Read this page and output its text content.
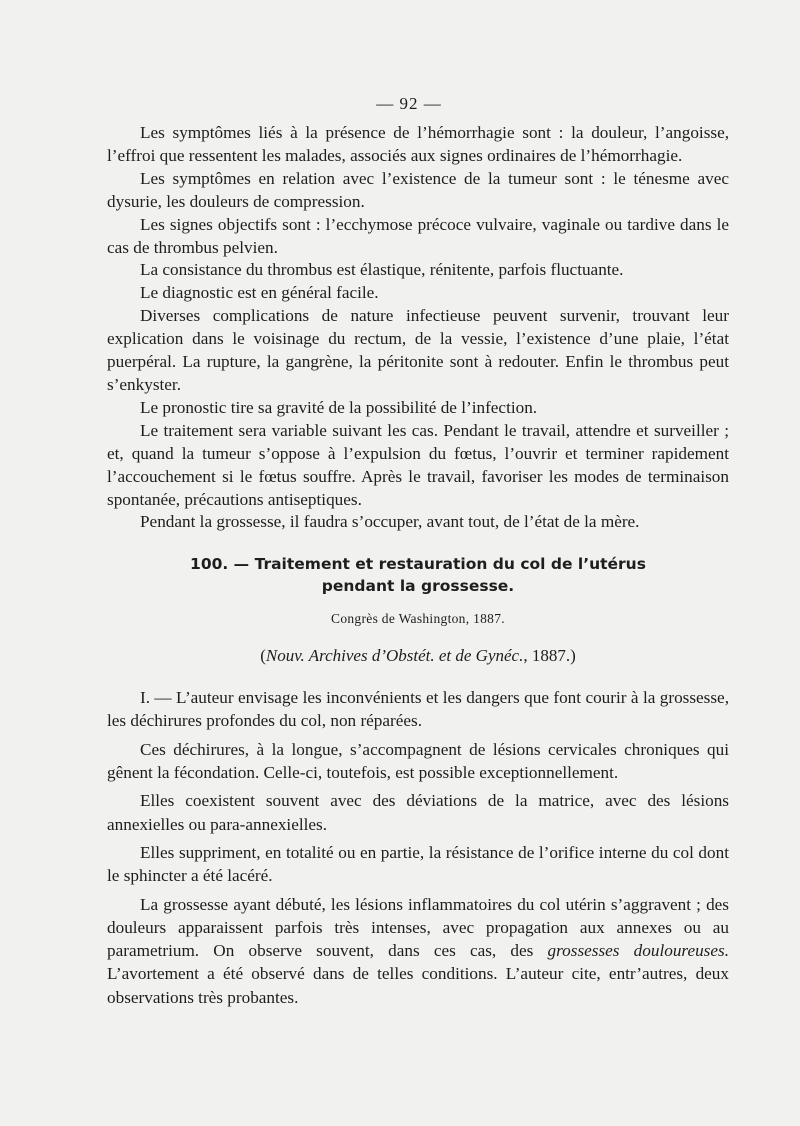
— 92 —

Les symptômes liés à la présence de l’hémorrhagie sont : la douleur, l’angoisse, l’effroi que ressentent les malades, associés aux signes ordinaires de l’hémorrhagie.

Les symptômes en relation avec l’existence de la tumeur sont : le ténesme avec dysurie, les douleurs de compression.

Les signes objectifs sont : l’ecchymose précoce vulvaire, vaginale ou tardive dans le cas de thrombus pelvien.

La consistance du thrombus est élastique, rénitente, parfois fluctuante.

Le diagnostic est en général facile.

Diverses complications de nature infectieuse peuvent survenir, trouvant leur explication dans le voisinage du rectum, de la vessie, l’existence d’une plaie, l’état puerpéral. La rupture, la gangrène, la péritonite sont à redouter. Enfin le thrombus peut s’enkyster.

Le pronostic tire sa gravité de la possibilité de l’infection.

Le traitement sera variable suivant les cas. Pendant le travail, attendre et surveiller ; et, quand la tumeur s’oppose à l’expulsion du fœtus, l’ouvrir et terminer rapidement l’accouchement si le fœtus souffre. Après le travail, favoriser les modes de terminaison spontanée, précautions antiseptiques.

Pendant la grossesse, il faudra s’occuper, avant tout, de l’état de la mère.

100. — Traitement et restauration du col de l’utérus
pendant la grossesse.
Congrès de Washington, 1887.
(Nouv. Archives d’Obstét. et de Gynéc., 1887.)

I. — L’auteur envisage les inconvénients et les dangers que font courir à la grossesse, les déchirures profondes du col, non réparées.

Ces déchirures, à la longue, s’accompagnent de lésions cervicales chroniques qui gênent la fécondation. Celle-ci, toutefois, est possible exceptionnellement.

Elles coexistent souvent avec des déviations de la matrice, avec des lésions annexielles ou para-annexielles.

Elles suppriment, en totalité ou en partie, la résistance de l’orifice interne du col dont le sphincter a été lacéré.

La grossesse ayant débuté, les lésions inflammatoires du col utérin s’aggravent ; des douleurs apparaissent parfois très intenses, avec propagation aux annexes ou au parametrium. On observe souvent, dans ces cas, des grossesses douloureuses. L’avortement a été observé dans de telles conditions. L’auteur cite, entr’autres, deux observations très probantes.
